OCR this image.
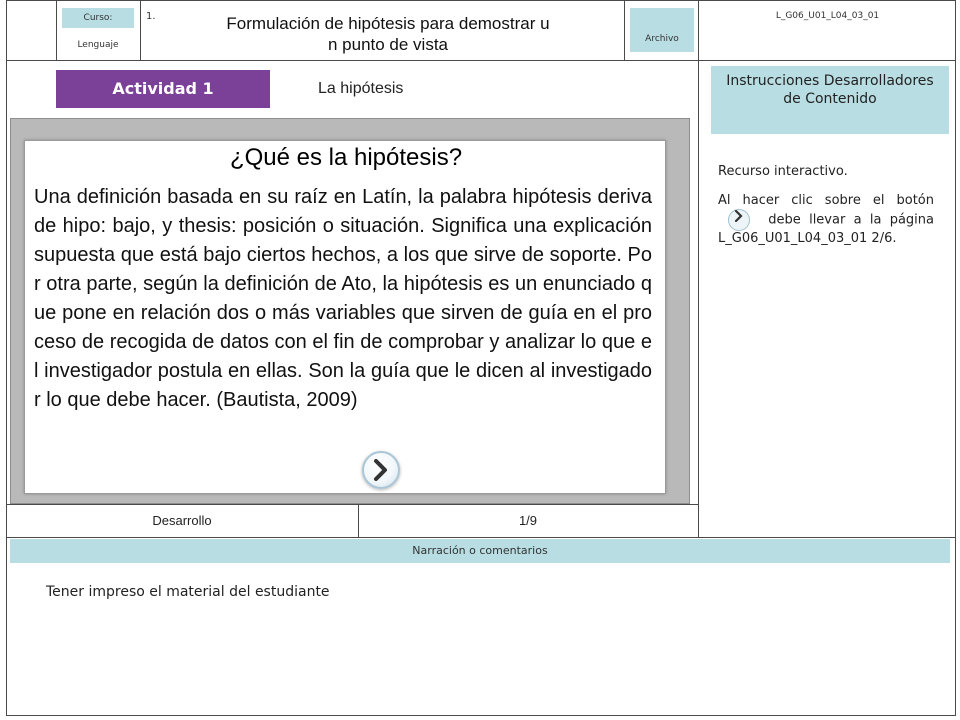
Curso:
Lenguaje
1.	Formulación de hipótesis para demostrar u
n punto de vista	Archivo
L_G06_U01_L04_03_01
Actividad 1	La hipótesis
¿Qué es la hipótesis?
Una definición basada en su raíz en Latín, la palabra hipótesis deriva de hipo: bajo, y thesis: posición o situación. Significa una explicación supuesta que está bajo ciertos hechos, a los que sirve de soporte. Por otra parte, según la definición de Ato, la hipótesis es un enunciado que pone en relación dos o más variables que sirven de guía en el proceso de recogida de datos con el fin de comprobar y analizar lo que el investigador postula en ellas. Son la guía que le dicen al investigador lo que debe hacer. (Bautista, 2009)
Desarrollo	1/9
Instrucciones Desarrolladores de Contenido
Recurso interactivo.
Al hacer clic sobre el botón  debe llevar a la página L_G06_U01_L04_03_01 2/6.
Narración o comentarios
Tener impreso el material del estudiante
